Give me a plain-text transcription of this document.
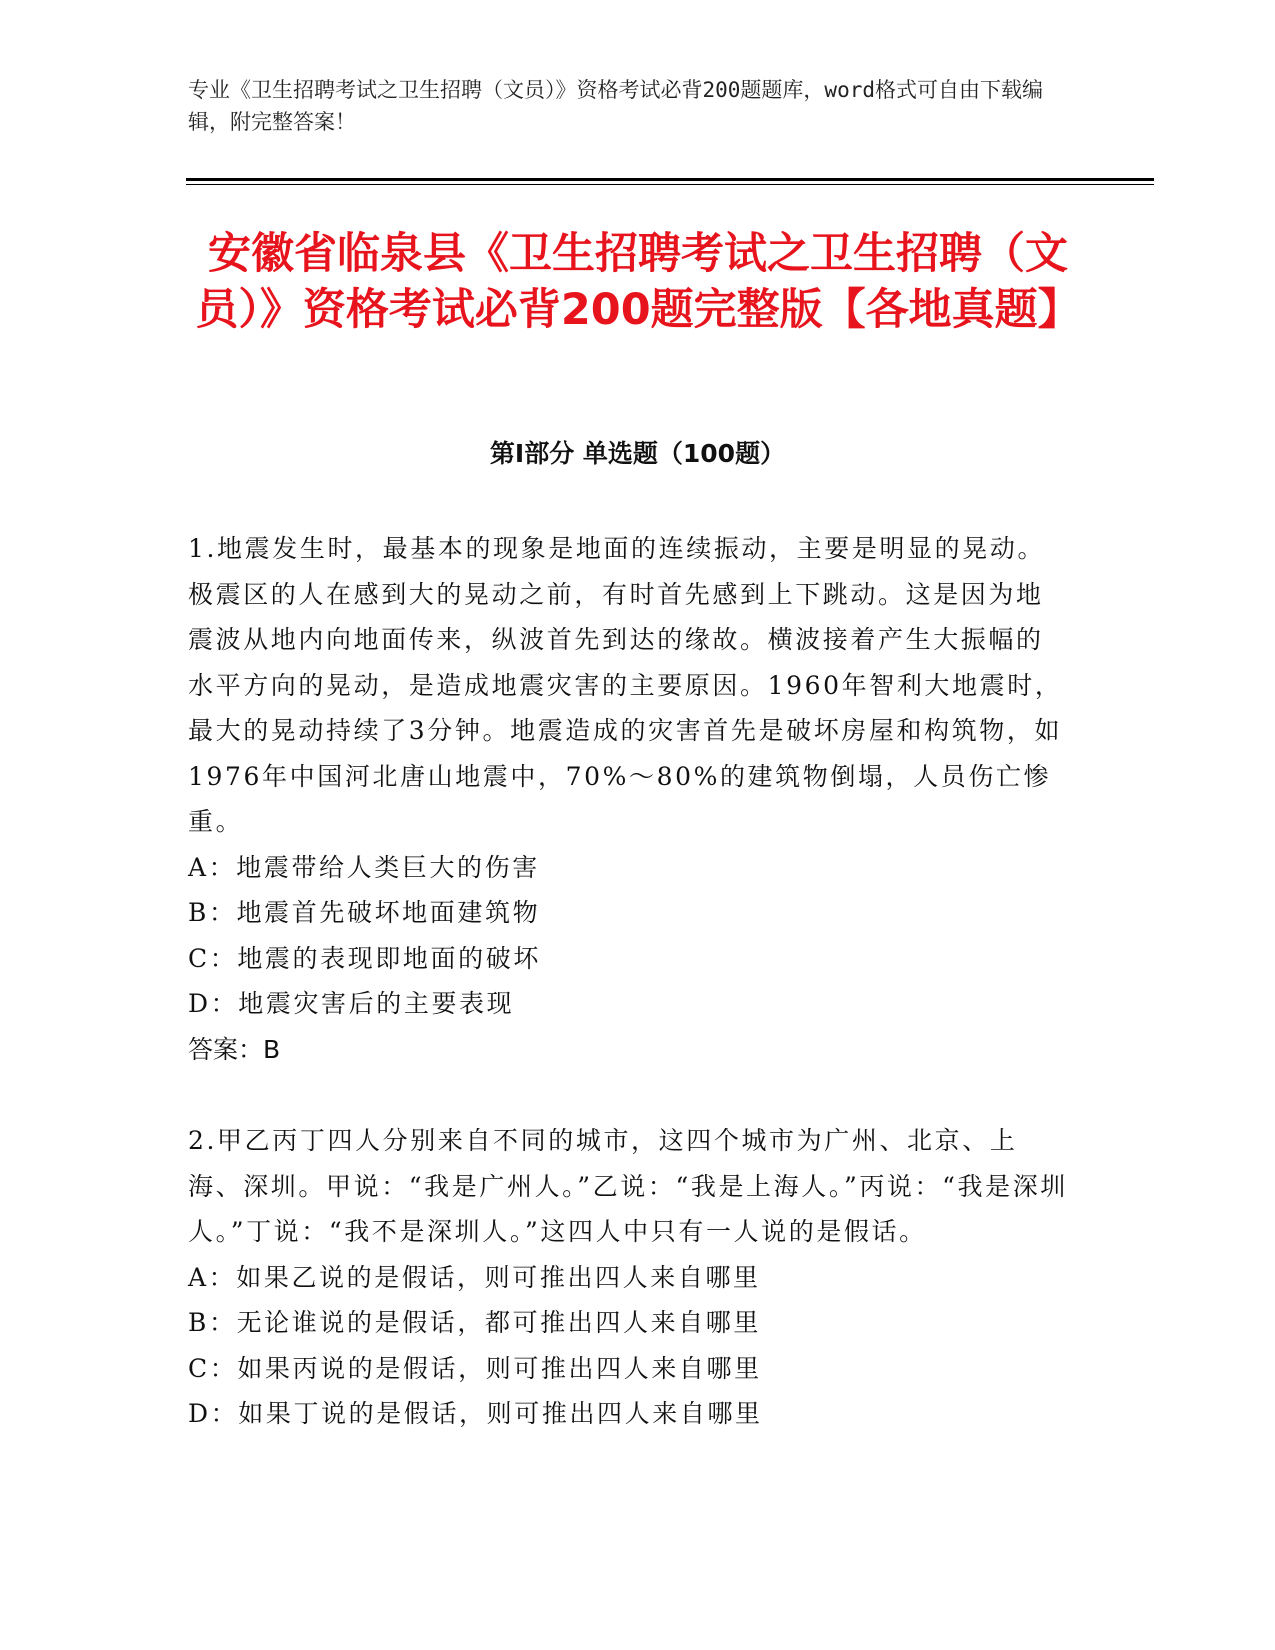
专业《卫生招聘考试之卫生招聘（文员）》资格考试必背200题题库，word格式可自由下载编辑，附完整答案！
安徽省临泉县《卫生招聘考试之卫生招聘（文员）》资格考试必背200题完整版【各地真题】
第I部分 单选题（100题）

1.地震发生时，最基本的现象是地面的连续振动，主要是明显的晃动。极震区的人在感到大的晃动之前，有时首先感到上下跳动。这是因为地震波从地内向地面传来，纵波首先到达的缘故。横波接着产生大振幅的水平方向的晃动，是造成地震灾害的主要原因。1960年智利大地震时，最大的晃动持续了3分钟。地震造成的灾害首先是破坏房屋和构筑物，如1976年中国河北唐山地震中，70%～80%的建筑物倒塌，人员伤亡惨重。

A：地震带给人类巨大的伤害

B：地震首先破坏地面建筑物

C：地震的表现即地面的破坏

D：地震灾害后的主要表现

答案：B

2.甲乙丙丁四人分别来自不同的城市，这四个城市为广州、北京、上海、深圳。甲说：“我是广州人。”乙说：“我是上海人。”丙说：“我是深圳人。”丁说：“我不是深圳人。”这四人中只有一人说的是假话。

A：如果乙说的是假话，则可推出四人来自哪里

B：无论谁说的是假话，都可推出四人来自哪里

C：如果丙说的是假话，则可推出四人来自哪里

D：如果丁说的是假话，则可推出四人来自哪里
